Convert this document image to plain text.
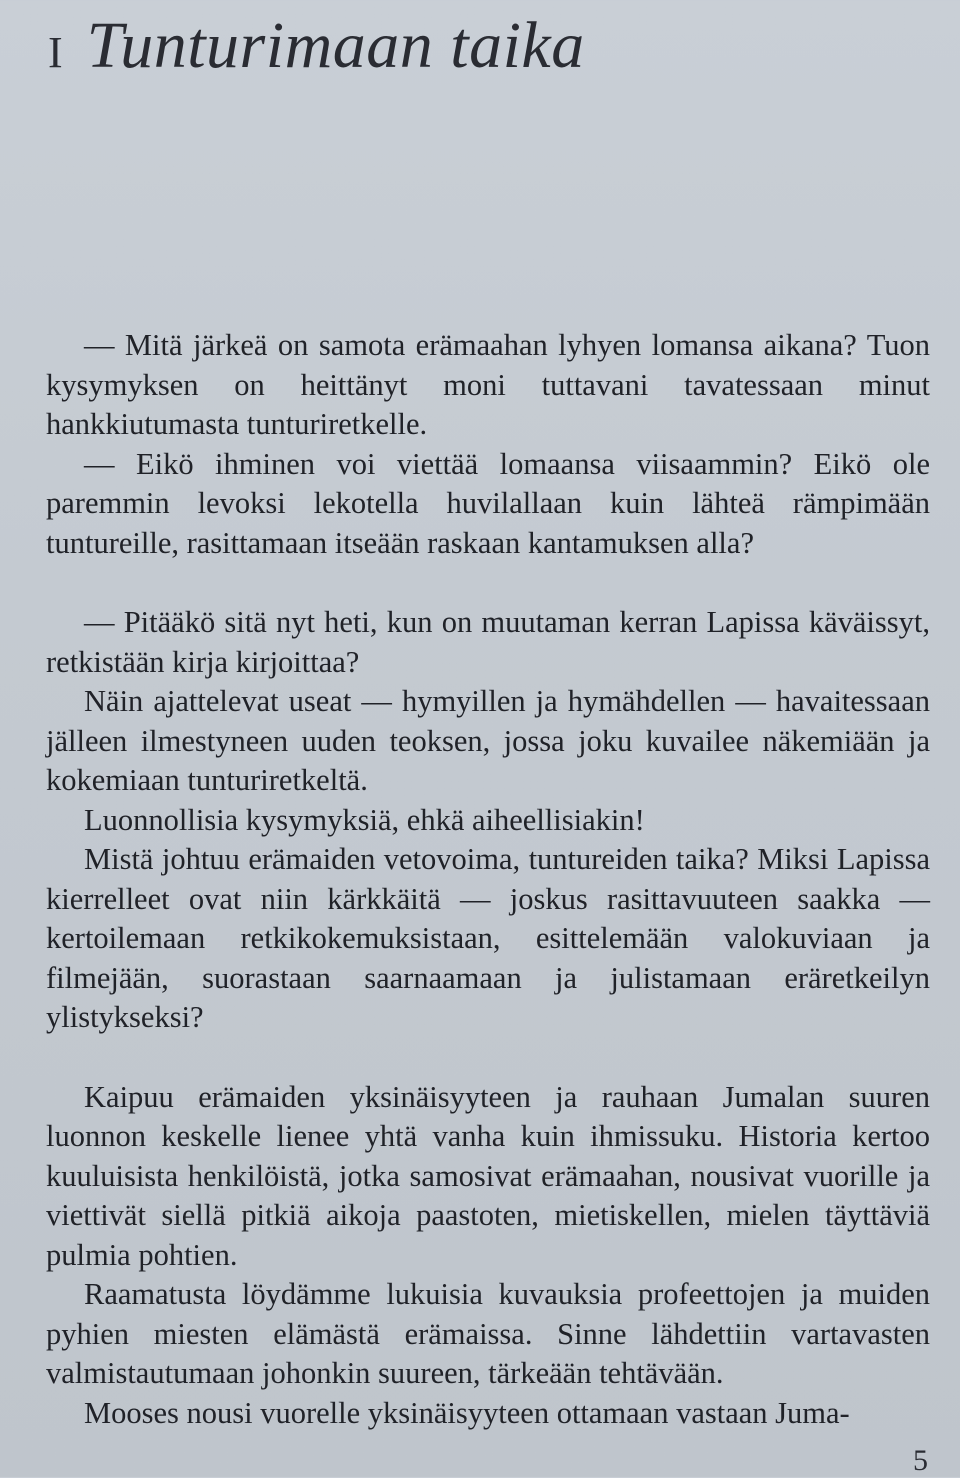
I Tunturimaan taika

— Mitä järkeä on samota erämaahan lyhyen lomansa aikana? Tuon kysymyksen on heittänyt moni tuttavani tavatessaan minut hankkiutumasta tunturiretkelle.

— Eikö ihminen voi viettää lomaansa viisaammin? Eikö ole paremmin levoksi lekotella huvilallaan kuin lähteä rämpimään tuntureille, rasittamaan itseään raskaan kantamuksen alla?

— Pitääkö sitä nyt heti, kun on muutaman kerran Lapissa käväissyt, retkistään kirja kirjoittaa?

Näin ajattelevat useat — hymyillen ja hymähdellen — havaitessaan jälleen ilmestyneen uuden teoksen, jossa joku kuvailee näkemiään ja kokemiaan tunturiretkeltä.

Luonnollisia kysymyksiä, ehkä aiheellisiakin!

Mistä johtuu erämaiden vetovoima, tuntureiden taika? Miksi Lapissa kierrelleet ovat niin kärkkäitä — joskus rasittavuuteen saakka — kertoilemaan retkikokemuksistaan, esittelemään valokuviaan ja filmejään, suorastaan saarnaamaan ja julistamaan eräretkeilyn ylistykseksi?

Kaipuu erämaiden yksinäisyyteen ja rauhaan Jumalan suuren luonnon keskelle lienee yhtä vanha kuin ihmissuku. Historia kertoo kuuluisista henkilöistä, jotka samosivat erämaahan, nousivat vuorille ja viettivät siellä pitkiä aikoja paastoten, mietiskellen, mielen täyttäviä pulmia pohtien.

Raamatusta löydämme lukuisia kuvauksia profeettojen ja muiden pyhien miesten elämästä erämaissa. Sinne lähdettiin vartavasten valmistautumaan johonkin suureen, tärkeään tehtävään.

Mooses nousi vuorelle yksinäisyyteen ottamaan vastaan Juma-

5
